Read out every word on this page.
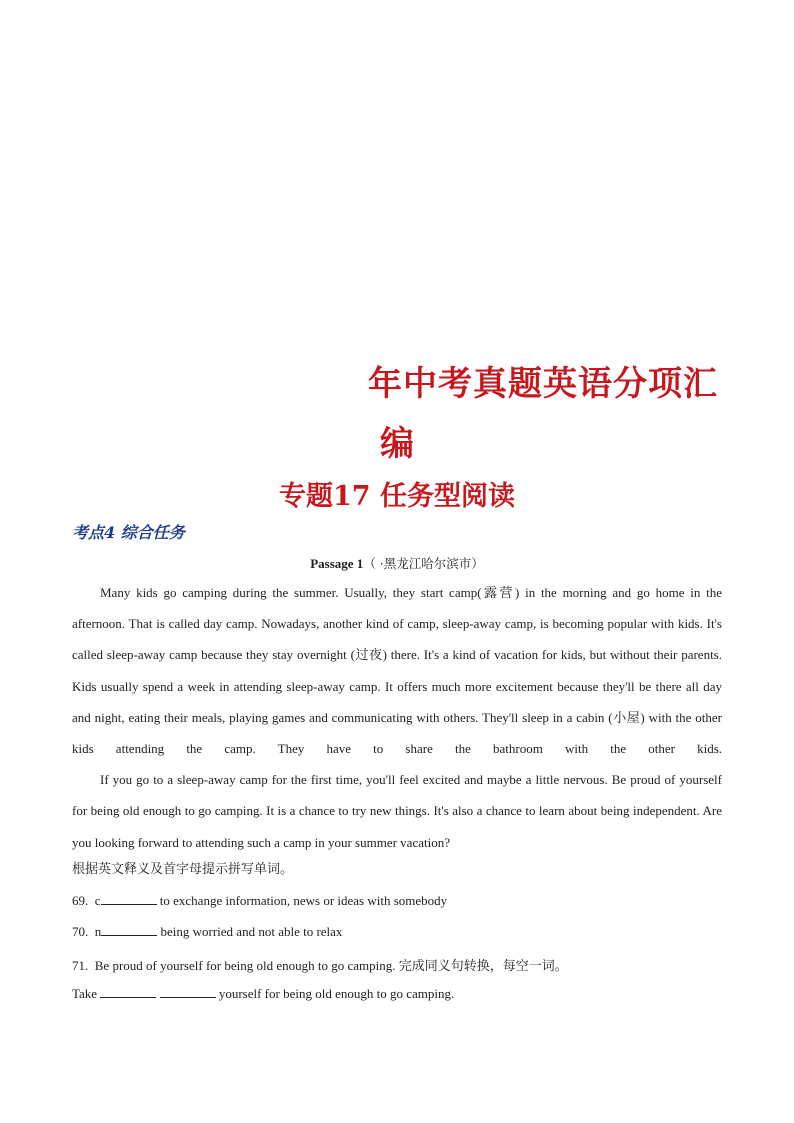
年中考真题英语分项汇
编
专题17 任务型阅读
考点4 综合任务
Passage 1（ ·黑龙江哈尔滨市）

Many kids go camping during the summer. Usually, they start camp(露营) in the morning and go home in the afternoon. That is called day camp. Nowadays, another kind of camp, sleep-away camp, is becoming popular with kids. It's called sleep-away camp because they stay overnight (过夜) there. It's a kind of vacation for kids, but without their parents. Kids usually spend a week in attending sleep-away camp. It offers much more excitement because they'll be there all day and night, eating their meals, playing games and communicating with others. They'll sleep in a cabin (小屋) with the other kids attending the camp. They have to share the bathroom with the other kids.

If you go to a sleep-away camp for the first time, you'll feel excited and maybe a little nervous. Be proud of yourself for being old enough to go camping. It is a chance to try new things. It's also a chance to learn about being independent. Are you looking forward to attending such a camp in your summer vacation?

根据英文释义及首字母提示拼写单词。
69. c	to exchange information, news or ideas with somebody
70. n	being worried and not able to relax
71. Be proud of yourself for being old enough to go camping. 完成同义句转换，每空一词。
Take	yourself for being old enough to go camping.
